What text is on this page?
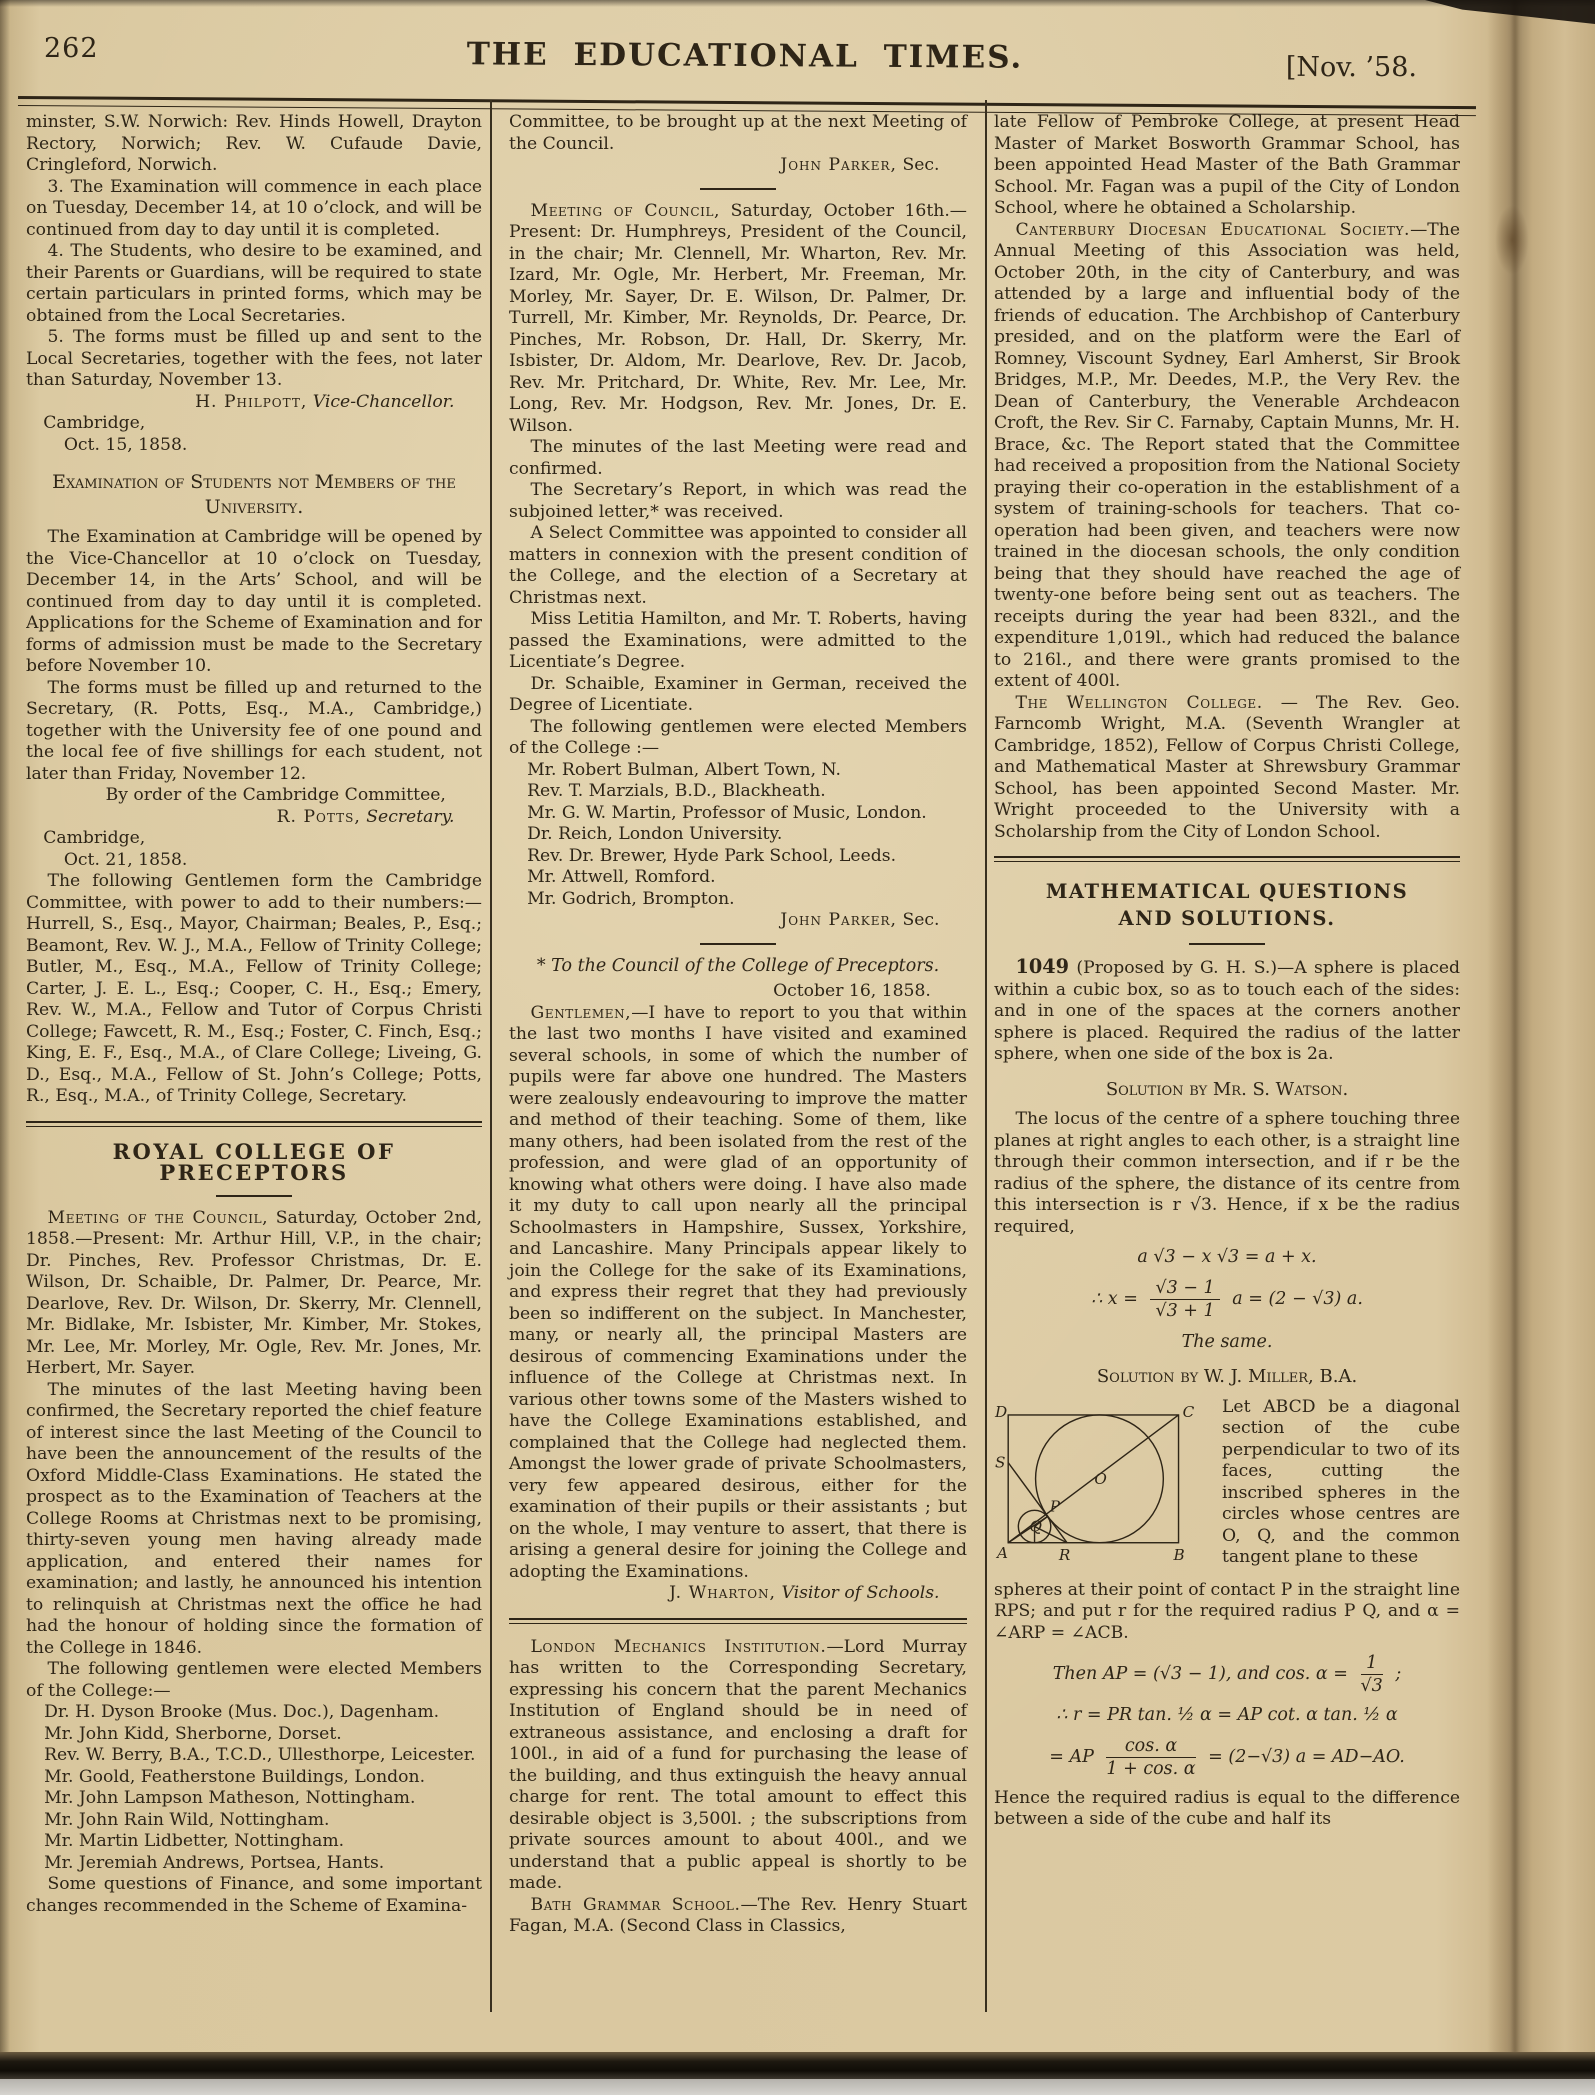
262	THE EDUCATIONAL TIMES.	[Nov. ’58.
minster, S.W. Norwich: Rev. Hinds Howell, Drayton Rectory, Norwich; Rev. W. Cufaude Davie, Cringleford, Norwich.
3. The Examination will commence in each place on Tuesday, December 14, at 10 o’clock, and will be continued from day to day until it is completed.
4. The Students, who desire to be examined, and their Parents or Guardians, will be required to state certain particulars in printed forms, which may be obtained from the Local Secretaries.
5. The forms must be filled up and sent to the Local Secretaries, together with the fees, not later than Saturday, November 13.
H. Philpott, Vice-Chancellor.
Cambridge,
Oct. 15, 1858.
Examination of Students not Members of the University.
The Examination at Cambridge will be opened by the Vice-Chancellor at 10 o’clock on Tuesday, December 14, in the Arts’ School, and will be continued from day to day until it is completed. Applications for the Scheme of Examination and for forms of admission must be made to the Secretary before November 10.
The forms must be filled up and returned to the Secretary, (R. Potts, Esq., M.A., Cambridge,) together with the University fee of one pound and the local fee of five shillings for each student, not later than Friday, November 12.
By order of the Cambridge Committee,
R. Potts, Secretary.
Cambridge,
Oct. 21, 1858.
The following Gentlemen form the Cambridge Committee, with power to add to their numbers:— Hurrell, S., Esq., Mayor, Chairman; Beales, P., Esq.; Beamont, Rev. W. J., M.A., Fellow of Trinity College; Butler, M., Esq., M.A., Fellow of Trinity College; Carter, J. E. L., Esq.; Cooper, C. H., Esq.; Emery, Rev. W., M.A., Fellow and Tutor of Corpus Christi College; Fawcett, R. M., Esq.; Foster, C. Finch, Esq.; King, E. F., Esq., M.A., of Clare College; Liveing, G. D., Esq., M.A., Fellow of St. John’s College; Potts, R., Esq., M.A., of Trinity College, Secretary.
ROYAL COLLEGE OF PRECEPTORS
Meeting of the Council, Saturday, October 2nd, 1858.—Present: Mr. Arthur Hill, V.P., in the chair; Dr. Pinches, Rev. Professor Christmas, Dr. E. Wilson, Dr. Schaible, Dr. Palmer, Dr. Pearce, Mr. Dearlove, Rev. Dr. Wilson, Dr. Skerry, Mr. Clennell, Mr. Bidlake, Mr. Isbister, Mr. Kimber, Mr. Stokes, Mr. Lee, Mr. Morley, Mr. Ogle, Rev. Mr. Jones, Mr. Herbert, Mr. Sayer.
The minutes of the last Meeting having been confirmed, the Secretary reported the chief feature of interest since the last Meeting of the Council to have been the announcement of the results of the Oxford Middle-Class Examinations. He stated the prospect as to the Examination of Teachers at the College Rooms at Christmas next to be promising, thirty-seven young men having already made application, and entered their names for examination; and lastly, he announced his intention to relinquish at Christmas next the office he had had the honour of holding since the formation of the College in 1846.
The following gentlemen were elected Members of the College:—
Dr. H. Dyson Brooke (Mus. Doc.), Dagenham.
Mr. John Kidd, Sherborne, Dorset.
Rev. W. Berry, B.A., T.C.D., Ullesthorpe, Leicester.
Mr. Goold, Featherstone Buildings, London.
Mr. John Lampson Matheson, Nottingham.
Mr. John Rain Wild, Nottingham.
Mr. Martin Lidbetter, Nottingham.
Mr. Jeremiah Andrews, Portsea, Hants.
Some questions of Finance, and some important changes recommended in the Scheme of Examina-
Committee, to be brought up at the next Meeting of the Council.
John Parker, Sec.
Meeting of Council, Saturday, October 16th.—Present: Dr. Humphreys, President of the Council, in the chair; Mr. Clennell, Mr. Wharton, Rev. Mr. Izard, Mr. Ogle, Mr. Herbert, Mr. Freeman, Mr. Morley, Mr. Sayer, Dr. E. Wilson, Dr. Palmer, Dr. Turrell, Mr. Kimber, Mr. Reynolds, Dr. Pearce, Dr. Pinches, Mr. Robson, Dr. Hall, Dr. Skerry, Mr. Isbister, Dr. Aldom, Mr. Dearlove, Rev. Dr. Jacob, Rev. Mr. Pritchard, Dr. White, Rev. Mr. Lee, Mr. Long, Rev. Mr. Hodgson, Rev. Mr. Jones, Dr. E. Wilson.
The minutes of the last Meeting were read and confirmed.
The Secretary’s Report, in which was read the subjoined letter,* was received.
A Select Committee was appointed to consider all matters in connexion with the present condition of the College, and the election of a Secretary at Christmas next.
Miss Letitia Hamilton, and Mr. T. Roberts, having passed the Examinations, were admitted to the Licentiate’s Degree.
Dr. Schaible, Examiner in German, received the Degree of Licentiate.
The following gentlemen were elected Members of the College :—
Mr. Robert Bulman, Albert Town, N.
Rev. T. Marzials, B.D., Blackheath.
Mr. G. W. Martin, Professor of Music, London.
Dr. Reich, London University.
Rev. Dr. Brewer, Hyde Park School, Leeds.
Mr. Attwell, Romford.
Mr. Godrich, Brompton.
John Parker, Sec.
* To the Council of the College of Preceptors.
October 16, 1858.
Gentlemen,—I have to report to you that within the last two months I have visited and examined several schools, in some of which the number of pupils were far above one hundred. The Masters were zealously endeavouring to improve the matter and method of their teaching. Some of them, like many others, had been isolated from the rest of the profession, and were glad of an opportunity of knowing what others were doing. I have also made it my duty to call upon nearly all the principal Schoolmasters in Hampshire, Sussex, Yorkshire, and Lancashire. Many Principals appear likely to join the College for the sake of its Examinations, and express their regret that they had previously been so indifferent on the subject. In Manchester, many, or nearly all, the principal Masters are desirous of commencing Examinations under the influence of the College at Christmas next. In various other towns some of the Masters wished to have the College Examinations established, and complained that the College had neglected them. Amongst the lower grade of private Schoolmasters, very few appeared desirous, either for the examination of their pupils or their assistants ; but on the whole, I may venture to assert, that there is arising a general desire for joining the College and adopting the Examinations.
J. Wharton, Visitor of Schools.
London Mechanics Institution.—Lord Murray has written to the Corresponding Secretary, expressing his concern that the parent Mechanics Institution of England should be in need of extraneous assistance, and enclosing a draft for 100l., in aid of a fund for purchasing the lease of the building, and thus extinguish the heavy annual charge for rent. The total amount to effect this desirable object is 3,500l. ; the subscriptions from private sources amount to about 400l., and we understand that a public appeal is shortly to be made.
Bath Grammar School.—The Rev. Henry Stuart Fagan, M.A. (Second Class in Classics,
late Fellow of Pembroke College, at present Head Master of Market Bosworth Grammar School, has been appointed Head Master of the Bath Grammar School. Mr. Fagan was a pupil of the City of London School, where he obtained a Scholarship.
Canterbury Diocesan Educational Society.—The Annual Meeting of this Association was held, October 20th, in the city of Canterbury, and was attended by a large and influential body of the friends of education. The Archbishop of Canterbury presided, and on the platform were the Earl of Romney, Viscount Sydney, Earl Amherst, Sir Brook Bridges, M.P., Mr. Deedes, M.P., the Very Rev. the Dean of Canterbury, the Venerable Archdeacon Croft, the Rev. Sir C. Farnaby, Captain Munns, Mr. H. Brace, &c. The Report stated that the Committee had received a proposition from the National Society praying their co-operation in the establishment of a system of training-schools for teachers. That co-operation had been given, and teachers were now trained in the diocesan schools, the only condition being that they should have reached the age of twenty-one before being sent out as teachers. The receipts during the year had been 832l., and the expenditure 1,019l., which had reduced the balance to 216l., and there were grants promised to the extent of 400l.
The Wellington College. — The Rev. Geo. Farncomb Wright, M.A. (Seventh Wrangler at Cambridge, 1852), Fellow of Corpus Christi College, and Mathematical Master at Shrewsbury Grammar School, has been appointed Second Master. Mr. Wright proceeded to the University with a Scholarship from the City of London School.
MATHEMATICAL QUESTIONS AND SOLUTIONS.
1049 (Proposed by G. H. S.)—A sphere is placed within a cubic box, so as to touch each of the sides: and in one of the spaces at the corners another sphere is placed. Required the radius of the latter sphere, when one side of the box is 2a.
Solution by Mr. S. Watson.
The locus of the centre of a sphere touching three planes at right angles to each other, is a straight line through their common intersection, and if r be the radius of the sphere, the distance of its centre from this intersection is r √3. Hence, if x be the radius required,
a √3 − x √3 = a + x.
∴ $x = \frac{√3 - 1}{√3 + 1}$ a = (2 − √3) a.
The same.
Solution by W. J. Miller, B.A.
D	C
S
O
P
Q
A	R	B
Let ABCD be a diagonal section of the cube perpendicular to two of its faces, cutting the inscribed spheres in the circles whose centres are O, Q, and the common tangent plane to these
spheres at their point of contact P in the straight line RPS; and put r for the required radius P Q, and α = ∠ARP = ∠ACB.
Then AP = (√3 − 1), and cos. $\alpha = \frac{1}{√3}$ ;
∴ r = PR tan. ½ α = AP cot. α tan. ½ α
= AP $\frac{\cos. \alpha}{1 + \cos. \alpha} = (2-√3) a = AD-AO$.
Hence the required radius is equal to the difference between a side of the cube and half its
